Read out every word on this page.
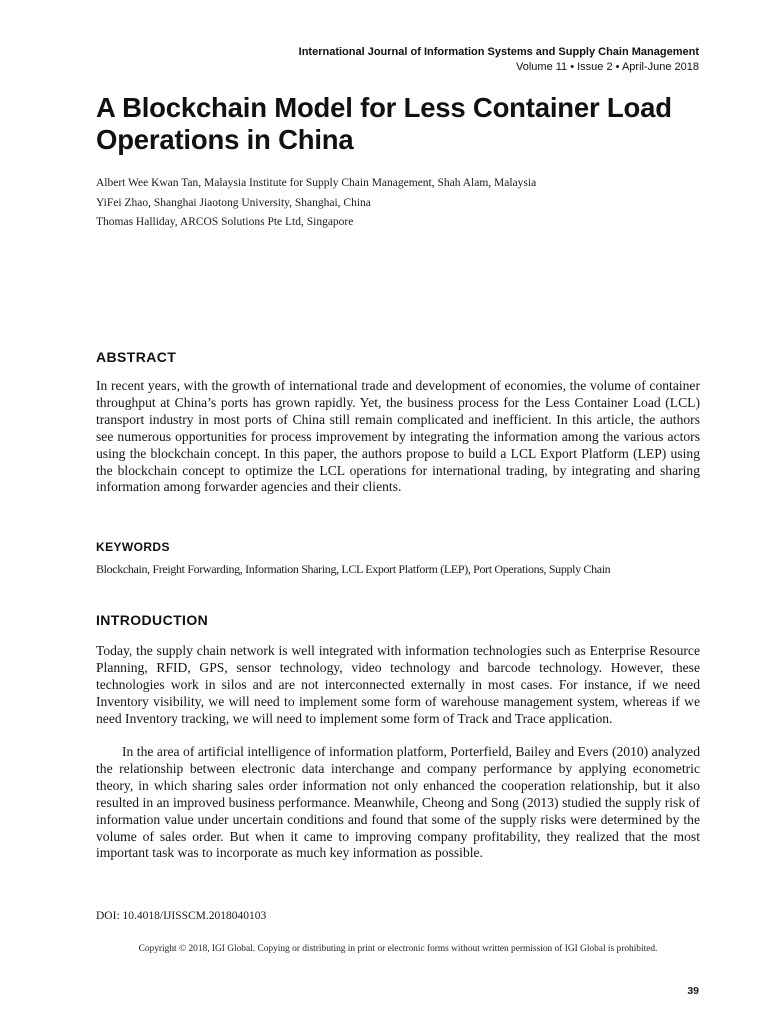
International Journal of Information Systems and Supply Chain Management
Volume 11 • Issue 2 • April-June 2018
A Blockchain Model for Less Container Load Operations in China
Albert Wee Kwan Tan, Malaysia Institute for Supply Chain Management, Shah Alam, Malaysia
YiFei Zhao, Shanghai Jiaotong University, Shanghai, China
Thomas Halliday, ARCOS Solutions Pte Ltd, Singapore
ABSTRACT

In recent years, with the growth of international trade and development of economies, the volume of container throughput at China’s ports has grown rapidly. Yet, the business process for the Less Container Load (LCL) transport industry in most ports of China still remain complicated and inefficient. In this article, the authors see numerous opportunities for process improvement by integrating the information among the various actors using the blockchain concept. In this paper, the authors propose to build a LCL Export Platform (LEP) using the blockchain concept to optimize the LCL operations for international trading, by integrating and sharing information among forwarder agencies and their clients.

KEYWORDS

Blockchain, Freight Forwarding, Information Sharing, LCL Export Platform (LEP), Port Operations, Supply Chain

INTRODUCTION

Today, the supply chain network is well integrated with information technologies such as Enterprise Resource Planning, RFID, GPS, sensor technology, video technology and barcode technology. However, these technologies work in silos and are not interconnected externally in most cases. For instance, if we need Inventory visibility, we will need to implement some form of warehouse management system, whereas if we need Inventory tracking, we will need to implement some form of Track and Trace application.

In the area of artificial intelligence of information platform, Porterfield, Bailey and Evers (2010) analyzed the relationship between electronic data interchange and company performance by applying econometric theory, in which sharing sales order information not only enhanced the cooperation relationship, but it also resulted in an improved business performance. Meanwhile, Cheong and Song (2013) studied the supply risk of information value under uncertain conditions and found that some of the supply risks were determined by the volume of sales order. But when it came to improving company profitability, they realized that the most important task was to incorporate as much key information as possible.

DOI: 10.4018/IJISSCM.2018040103

Copyright © 2018, IGI Global. Copying or distributing in print or electronic forms without written permission of IGI Global is prohibited.

39
